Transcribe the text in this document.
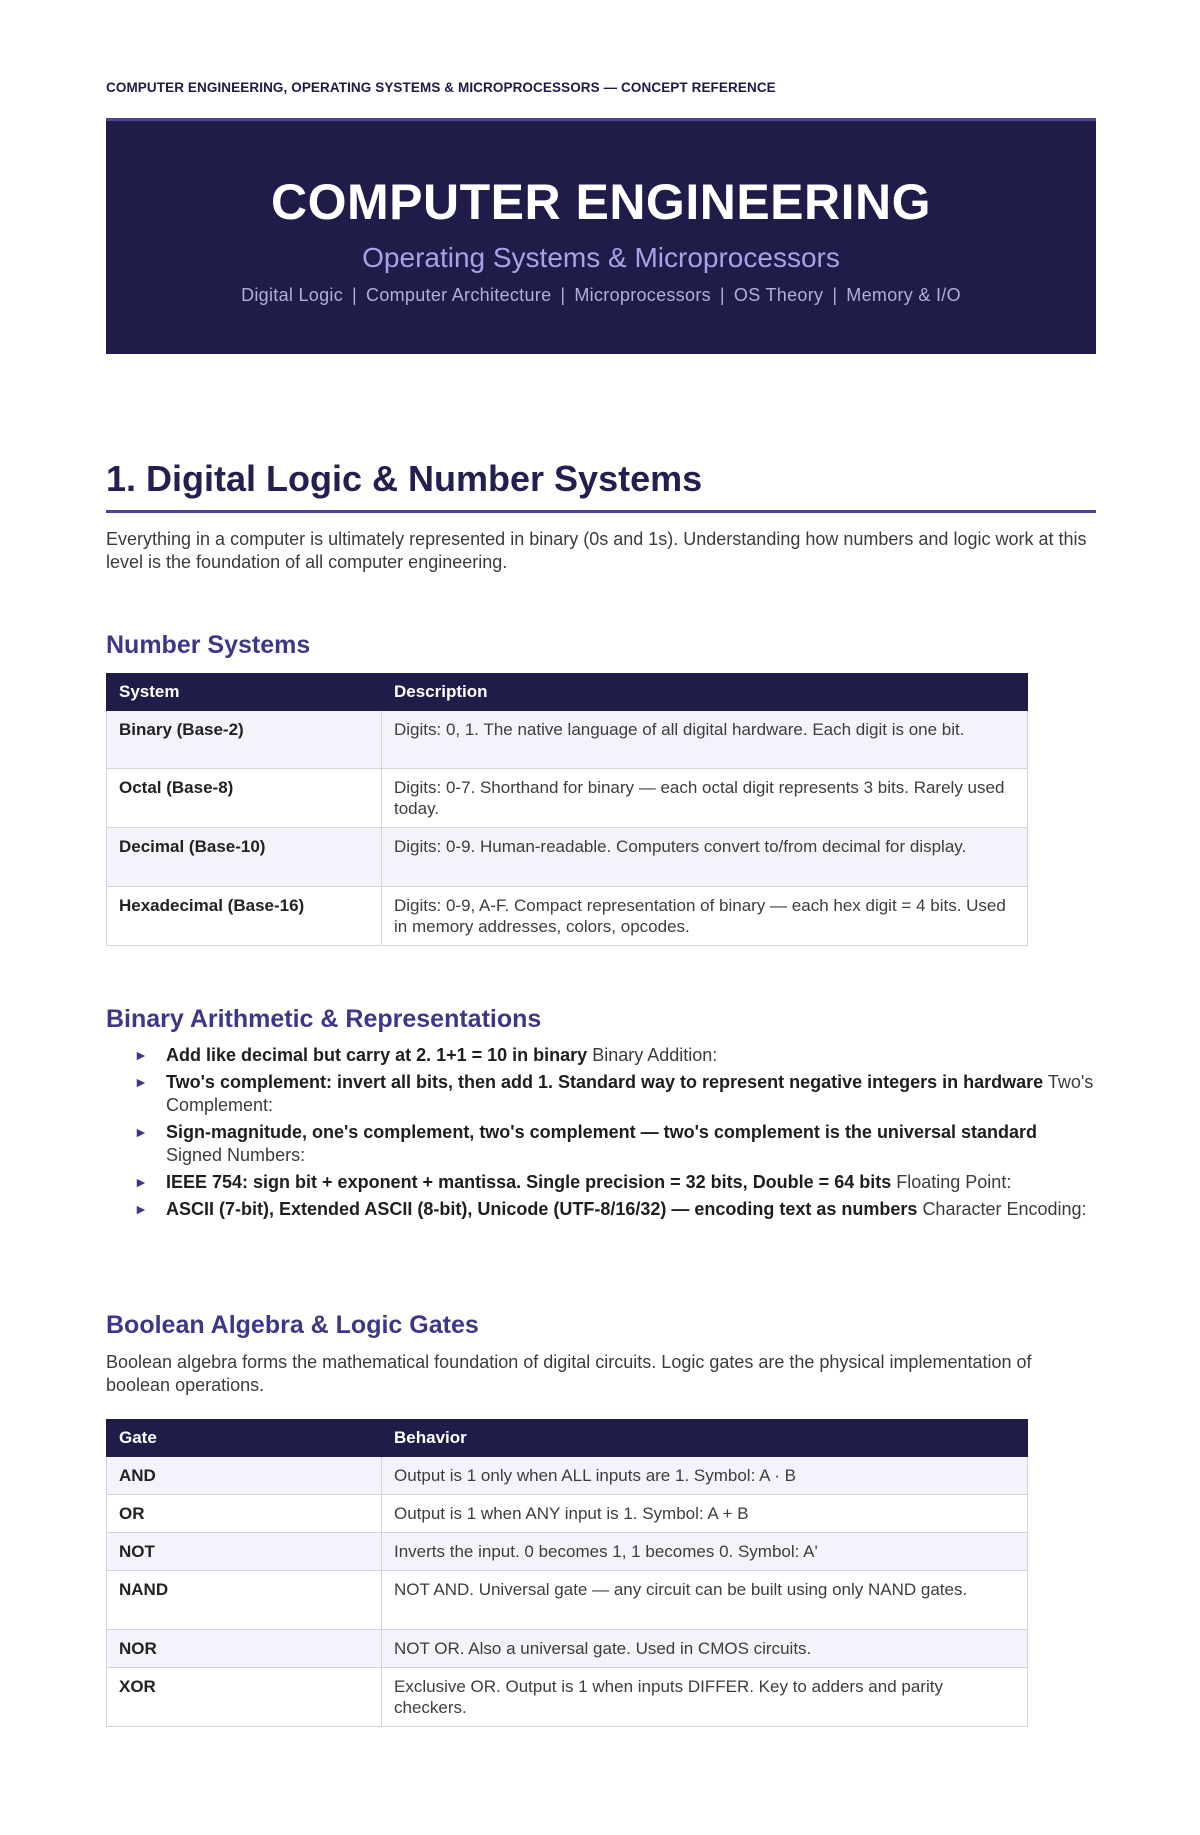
COMPUTER ENGINEERING, OPERATING SYSTEMS & MICROPROCESSORS — CONCEPT REFERENCE
COMPUTER ENGINEERING
Operating Systems & Microprocessors
Digital Logic | Computer Architecture | Microprocessors | OS Theory | Memory & I/O
1. Digital Logic & Number Systems

Everything in a computer is ultimately represented in binary (0s and 1s). Understanding how numbers and logic work at this level is the foundation of all computer engineering.

Number Systems
System	Description
Binary (Base-2)	Digits: 0, 1. The native language of all digital hardware. Each digit is one bit.
Octal (Base-8)	Digits: 0-7. Shorthand for binary — each octal digit represents 3 bits. Rarely used today.
Decimal (Base-10)	Digits: 0-9. Human-readable. Computers convert to/from decimal for display.
Hexadecimal (Base-16)	Digits: 0-9, A-F. Compact representation of binary — each hex digit = 4 bits. Used in memory addresses, colors, opcodes.
Binary Arithmetic & Representations
► Add like decimal but carry at 2. 1+1 = 10 in binary Binary Addition:
► Two's complement: invert all bits, then add 1. Standard way to represent negative integers in hardware Two's Complement:
► Sign-magnitude, one's complement, two's complement — two's complement is the universal standard Signed Numbers:
► IEEE 754: sign bit + exponent + mantissa. Single precision = 32 bits, Double = 64 bits Floating Point:
► ASCII (7-bit), Extended ASCII (8-bit), Unicode (UTF-8/16/32) — encoding text as numbers Character Encoding:
Boolean Algebra & Logic Gates

Boolean algebra forms the mathematical foundation of digital circuits. Logic gates are the physical implementation of boolean operations.

Gate	Behavior
AND	Output is 1 only when ALL inputs are 1. Symbol: A · B
OR	Output is 1 when ANY input is 1. Symbol: A + B
NOT	Inverts the input. 0 becomes 1, 1 becomes 0. Symbol: A'
NAND	NOT AND. Universal gate — any circuit can be built using only NAND gates.
NOR	NOT OR. Also a universal gate. Used in CMOS circuits.
XOR	Exclusive OR. Output is 1 when inputs DIFFER. Key to adders and parity checkers.
